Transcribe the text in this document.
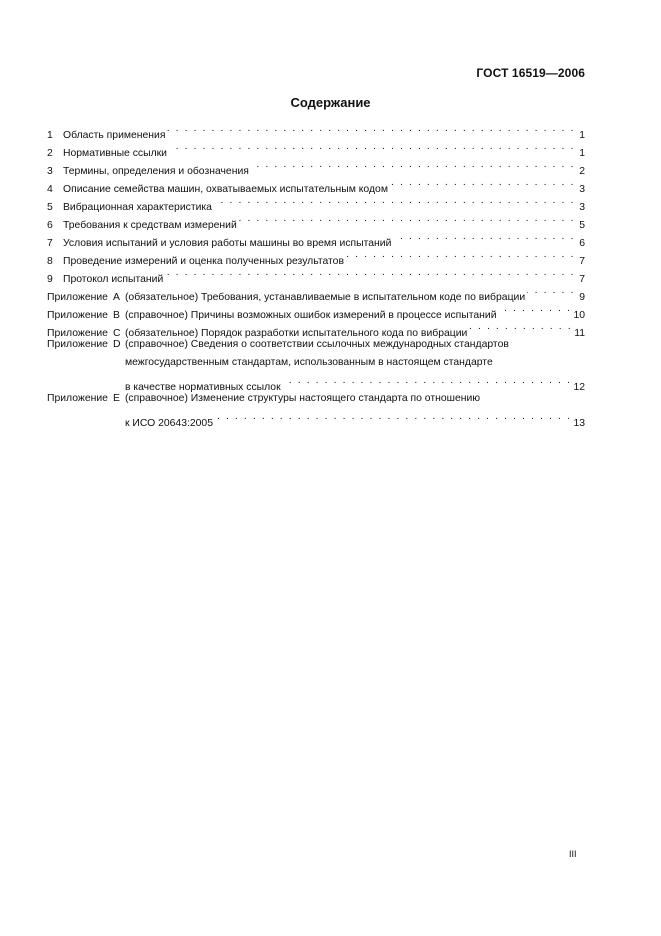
ГОСТ 16519—2006
Содержание
1 Область применения . . .	1
2 Нормативные ссылки . . .	1
3 Термины, определения и обозначения . . .	2
4 Описание семейства машин, охватываемых испытательным кодом . . .	3
5 Вибрационная характеристика . . .	3
6 Требования к средствам измерений . . .	5
7 Условия испытаний и условия работы машины во время испытаний . . .	6
8 Проведение измерений и оценка полученных результатов . . .	7
9 Протокол испытаний . . .	7
Приложение A (обязательное) Требования, устанавливаемые в испытательном коде по вибрации . . .	9
Приложение B (справочное) Причины возможных ошибок измерений в процессе испытаний . . .	10
Приложение C (обязательное) Порядок разработки испытательного кода по вибрации . . .	11
Приложение D (справочное) Сведения о соответствии ссылочных международных стандартов
межгосударственным стандартам, использованным в настоящем стандарте
в качестве нормативных ссылок . . .	12
Приложение E (справочное) Изменение структуры настоящего стандарта по отношению
к ИСО 20643:2005 . . .	13
III
